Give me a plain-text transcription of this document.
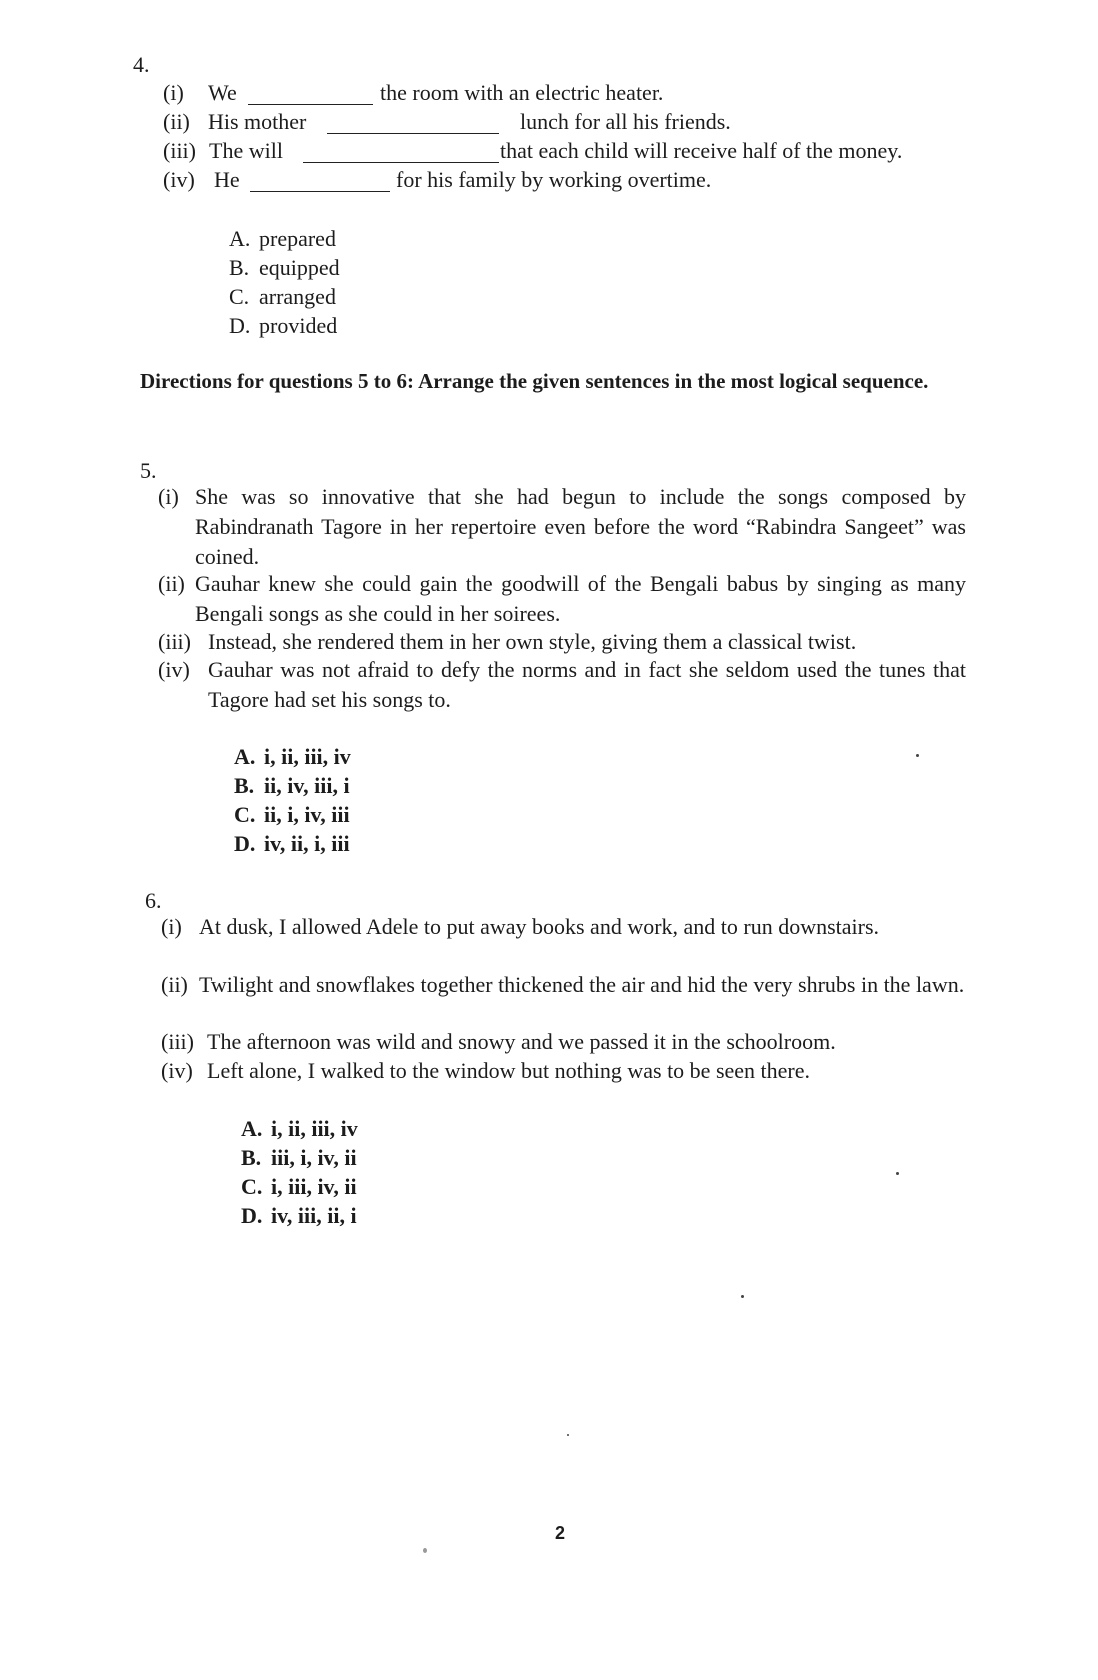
4.
(i) We	the room with an electric heater.
(ii) His mother	lunch for all his friends.
(iii) The will	that each child will receive half of the money.
(iv) He	for his family by working overtime.
A. prepared
B. equipped
C. arranged
D. provided
Directions for questions 5 to 6: Arrange the given sentences in the most logical sequence.
5.
(i) She was so innovative that she had begun to include the songs composed by Rabindranath Tagore in her repertoire even before the word “Rabindra Sangeet” was coined.
(ii) Gauhar knew she could gain the goodwill of the Bengali babus by singing as many Bengali songs as she could in her soirees.
(iii) Instead, she rendered them in her own style, giving them a classical twist.
(iv) Gauhar was not afraid to defy the norms and in fact she seldom used the tunes that Tagore had set his songs to.
A. i, ii, iii, iv
B. ii, iv, iii, i
C. ii, i, iv, iii
D. iv, ii, i, iii
6.
(i) At dusk, I allowed Adele to put away books and work, and to run downstairs.
(ii) Twilight and snowflakes together thickened the air and hid the very shrubs in the lawn.
(iii) The afternoon was wild and snowy and we passed it in the schoolroom.
(iv) Left alone, I walked to the window but nothing was to be seen there.
A. i, ii, iii, iv
B. iii, i, iv, ii
C. i, iii, iv, ii
D. iv, iii, ii, i
2
